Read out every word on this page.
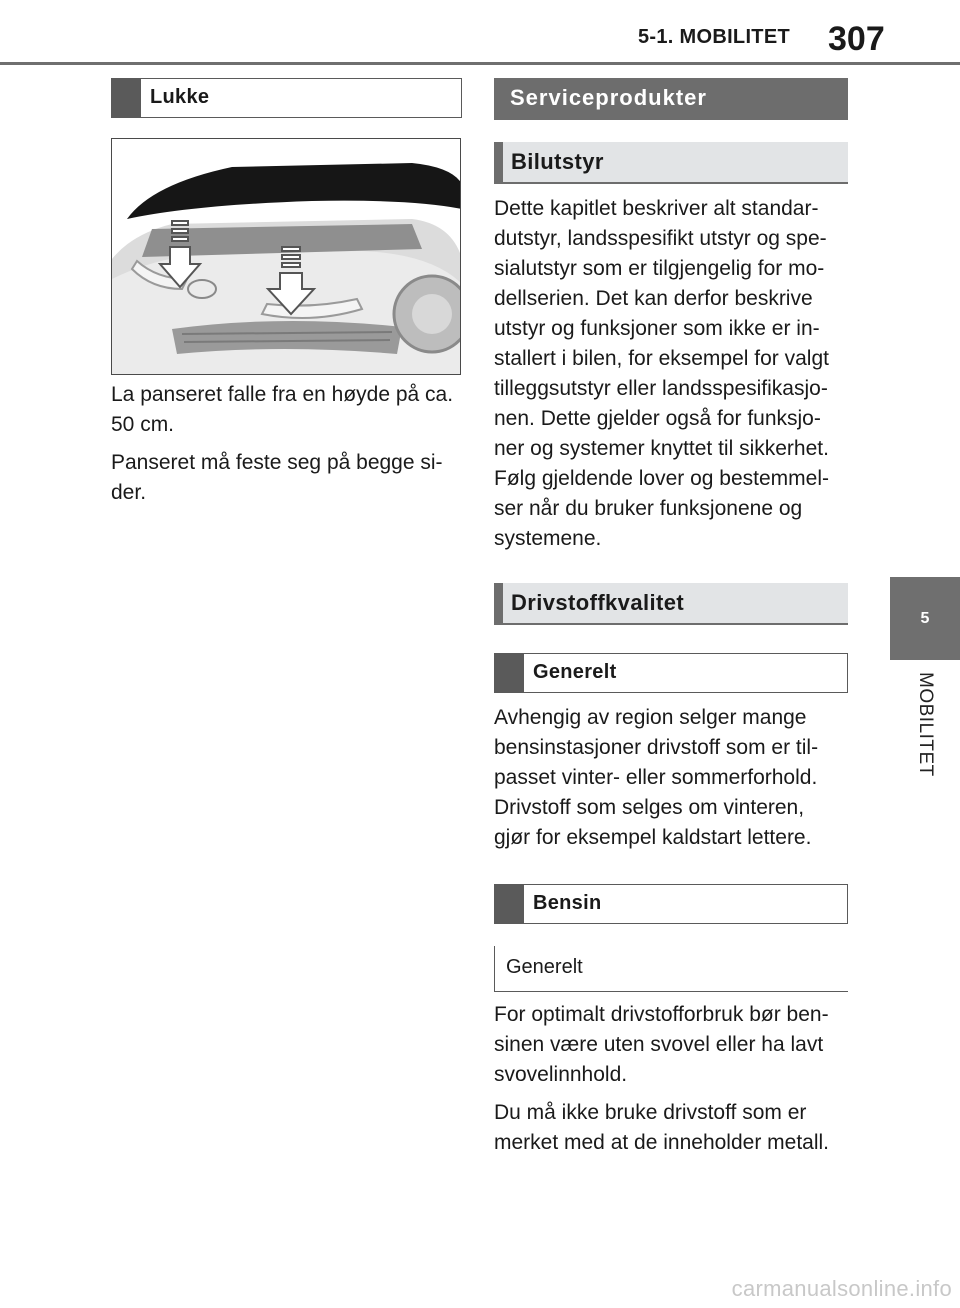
5-1. MOBILITET 307
5
MOBILITET
Lukke

La panseret falle fra en høyde på ca.
50 cm.

Panseret må feste seg på begge si-
der.

Serviceprodukter
Bilutstyr

Dette kapitlet beskriver alt standar-
dutstyr, landsspesifikt utstyr og spe-
sialutstyr som er tilgjengelig for mo-
dellserien. Det kan derfor beskrive
utstyr og funksjoner som ikke er in-
stallert i bilen, for eksempel for valgt
tilleggsutstyr eller landsspesifikasjo-
nen. Dette gjelder også for funksjo-
ner og systemer knyttet til sikkerhet.
Følg gjeldende lover og bestemmel-
ser når du bruker funksjonene og
systemene.

Drivstoffkvalitet
Generelt

Avhengig av region selger mange
bensinstasjoner drivstoff som er til-
passet vinter- eller sommerforhold.
Drivstoff som selges om vinteren,
gjør for eksempel kaldstart lettere.

Bensin
Generelt

For optimalt drivstofforbruk bør ben-
sinen være uten svovel eller ha lavt
svovelinnhold.

Du må ikke bruke drivstoff som er
merket med at de inneholder metall.

carmanualsonline.info
